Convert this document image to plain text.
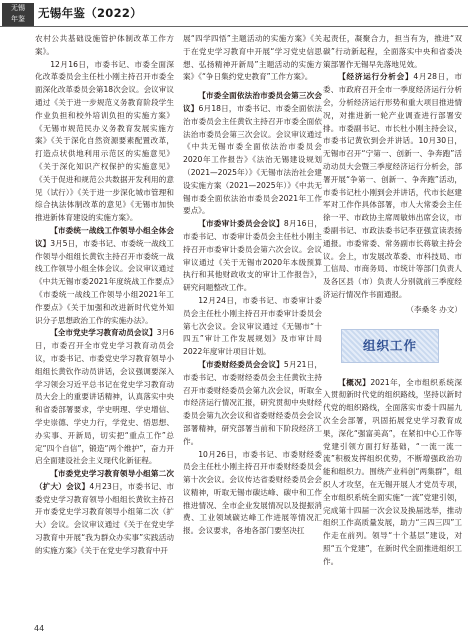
无锡
年鉴	无锡年鉴（2022）

农村公共基础设施管护体制改革工作方案》。

12月16日，市委书记、市委全面深化改革委员会主任杜小刚主持召开市委全面深化改革委员会第18次会议。会议审议通过《关于进一步规范义务教育阶段学生作业负担和校外培训负担的实施方案》《无锡市规范民办义务教育发展实施方案》《关于深化自然资源要素配置改革，打造点状供地利用示范区的实施意见》《关于深化知识产权保护的实施意见》《关于促进和规范公共数据开发利用的意见（试行）》《关于进一步深化城市管理和综合执法体制改革的意见》《无锡市加快推进新体育建设的实施方案》。

【市委统一战线工作领导小组全体会议】3月5日，市委书记、市委统一战线工作领导小组组长黄钦主持召开市委统一战线工作领导小组全体会议。会议审议通过《中共无锡市委2021年度统战工作要点》《市委统一战线工作领导小组2021年工作要点》《关于加强和改进新时代党外知识分子思想政治工作的实施办法》。

【全市党史学习教育动员会议】3月6日，市委召开全市党史学习教育动员会议，市委书记、市委党史学习教育领导小组组长黄钦作动员讲话，会议强调要深入学习领会习近平总书记在党史学习教育动员大会上的重要讲话精神，认真落实中央和省委部署要求，学史明理、学史增信、学史崇德、学史力行，学党史、悟思想、办实事、开新局，切实把“重点工作”总定“四个自信”，锻造“两个维护”，奋力开启全面建设社会主义现代化新征程。

【市委党史学习教育领导小组第二次（扩大）会议】4月23日，市委书记、市委党史学习教育领导小组组长黄钦主持召开市委党史学习教育领导小组第二次（扩大）会议。会议审议通过《关于在党史学习教育中开展“我为群众办实事”实践活动的实施方案》《关于在党史学习教育中开

展“四学四悟”主题活动的实施方案》《关于在党史学习教育中开展“学习党史信思想、弘扬精神开新局”主题活动的实施方案》《“争日集约党史教育”工作方案》。

【市委全面依法治市委员会第三次会议】6月18日，市委书记、市委全面依法治市委员会主任黄钦主持召开市委全面依法治市委员会第三次会议。会议审议通过《中共无锡市委全面依法治市委员会2020年工作报告》《法治无锡建设规划（2021—2025年）》《无锡市法治社会建设实施方案（2021—2025年）》《中共无锡市委全面依法治市委员会2021年工作要点》。

【市委审计委员会会议】8月16日，市委书记、市委审计委员会主任杜小刚主持召开市委审计委员会第六次会议。会议审议通过《关于无锡市2020年本级预算执行和其他财政收支的审计工作报告》，研究问题整改工作。

12月24日，市委书记、市委审计委员会主任杜小刚主持召开市委审计委员会第七次会议。会议审议通过《无锡市“十四五”审计工作发展规划》及市审计局2022年度审计项目计划。

【市委财经委员会会议】5月21日，市委书记、市委财经委员会主任黄钦主持召开市委财经委员会第九次会议，听取全市经济运行情况汇报，研究贯彻中央财经委员会第九次会议和省委财经委员会会议部署精神，研究部署当前和下阶段经济工作。

10月26日，市委书记、市委财经委员会主任杜小刚主持召开市委财经委员会第十次会议。会议传达省委财经委员会会议精神，听取无锡市碳达峰、碳中和工作推进情况、全市企业发展情况以及提振消费、工业领域碳达峰工作进展等情况汇报。会议要求，各地各部门要坚决扛

起责任，凝聚合力，担当有为，推进“双碳”行动新起程，全面落实中央和省委决策部署作无锡早先落地见效。

【经济运行分析会】4月28日，市委、市政府召开全市一季度经济运行分析会，分析经济运行形势和重大项目推进情况，对推进新一轮产业调查进行部署安排。市委副书记、市长杜小刚主持会议，市委书记黄钦到会并讲话。10月30日，无锡市召开“宁第一、创新一、争奔跑”活动动员大会暨三季度经济运行分析会，部署开展“争第一、创新一、争奔跑”活动，市委书记杜小刚到会并讲话，代市长赵建军对工作作具体部署，市人大常委会主任徐一平、市政协主席周敏炜出席会议，市委副书记、市政法委书记李亚强宣读表扬通报。市委常委、常务副市长蒋敏主持会议。会上，市发展改革委、市科技局、市工信局、市商务局、市统计等部门负责人及各区县（市）负责人分别就前三季度经济运行情况作书面通报。

（李桑冬 办文）

组织工作

【概况】2021年，全市组织系统深入贯彻新时代党的组织路线，坚持以新时代党的组织路线，全面落实市委十四届九次全会部署，巩固拓展党史学习教育成果，深化“强富美高”，在紧扣中心工作等党建引领方面打好基础，“一流一流一流”积极发挥组织优势，不断增强政治功能和组织力。围绕产业科创“两集群”，组织人才攻坚，在无锡开展人才党员专项，全市组织系统全面实施“一流”党建引领，完成第十四届一次会议及换届选举，推动组织工作高质量发展，助力“三四三四”工作走在前列。领导“十个基层”建设，对照“五个党建”，在新时代全面推进组织工作。

44
